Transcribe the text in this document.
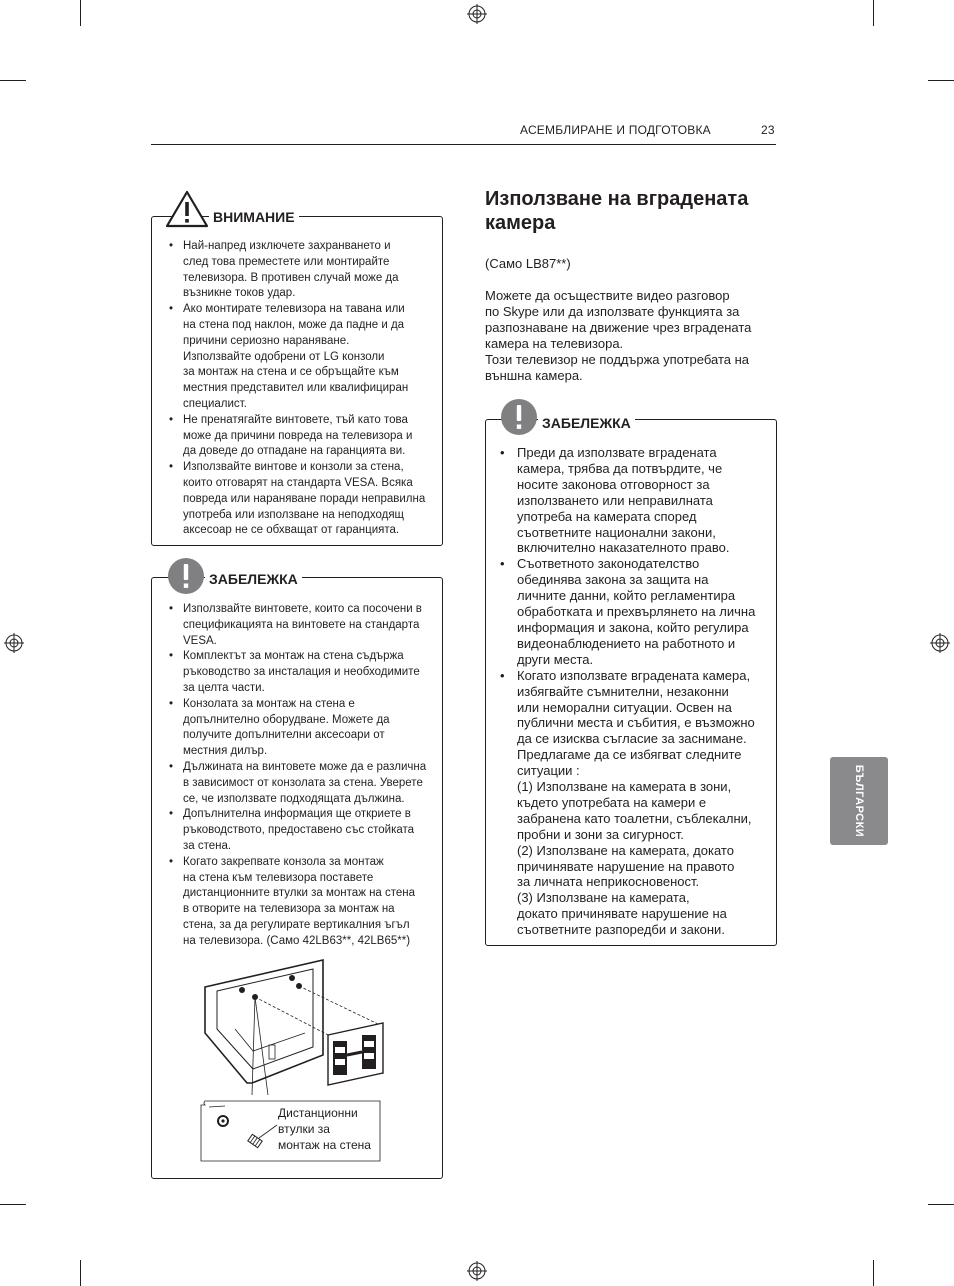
АСЕМБЛИРАНЕ И ПОДГОТОВКА	23
ВНИМАНИЕ
• Най-напред изключете захранването и
след това преместете или монтирайте
телевизора. В противен случай може да
възникне токов удар.
• Ако монтирате телевизора на тавана или
на стена под наклон, може да падне и да
причини сериозно нараняване.
Използвайте одобрени от LG конзоли
за монтаж на стена и се обръщайте към
местния представител или квалифициран
специалист.
• Не пренатягайте винтовете, тъй като това
може да причини повреда на телевизора и
да доведе до отпадане на гаранцията ви.
• Използвайте винтове и конзоли за стена,
които отговарят на стандарта VESA. Всяка
повреда или нараняване поради неправилна
употреба или използване на неподходящ
аксесоар не се обхващат от гаранцията.
ЗАБЕЛЕЖКА
• Използвайте винтовете, които са посочени в
спецификацията на винтовете на стандарта
VESA.
• Комплектът за монтаж на стена съдържа
ръководство за инсталация и необходимите
за целта части.
• Конзолата за монтаж на стена е
допълнително оборудване. Можете да
получите допълнителни аксесоари от
местния дилър.
• Дължината на винтовете може да е различна
в зависимост от конзолата за стена. Уверете
се, че използвате подходящата дължина.
• Допълнителна информация ще откриете в
ръководството, предоставено със стойката
за стена.
• Когато закрепвате конзола за монтаж
на стена към телевизора поставете
дистанционните втулки за монтаж на стена
в отворите на телевизора за монтаж на
стена, за да регулирате вертикалния ъгъл
на телевизора. (Само 42LB63**, 42LB65**)
Дистанционни
втулки за
монтаж на стена
Използване на вградената
камера
(Само LB87**)
Можете да осъществите видео разговор
по Skype или да използвате функцията за
разпознаване на движение чрез вградената
камера на телевизора.
Този телевизор не поддържа употребата на
външна камера.
ЗАБЕЛЕЖКА
• Преди да използвате вградената
камера, трябва да потвърдите, че
носите законова отговорност за
използването или неправилната
употреба на камерата според
съответните национални закони,
включително наказателното право.
• Съответното законодателство
обединява закона за защита на
личните данни, който регламентира
обработката и прехвърлянето на лична
информация и закона, който регулира
видеонаблюдението на работното и
други места.
• Когато използвате вградената камера,
избягвайте съмнителни, незаконни
или неморални ситуации. Освен на
публични места и събития, е възможно
да се изисква съгласие за заснимане.
Предлагаме да се избягват следните
ситуации :
(1) Използване на камерата в зони,
където употребата на камери е
забранена като тоалетни, съблекални,
пробни и зони за сигурност.
(2) Използване на камерата, докато
причинявате нарушение на правото
за личната неприкосновеност.
(3) Използване на камерата,
докато причинявате нарушение на
съответните разпоредби и закони.
БЪЛГАРСКИ
